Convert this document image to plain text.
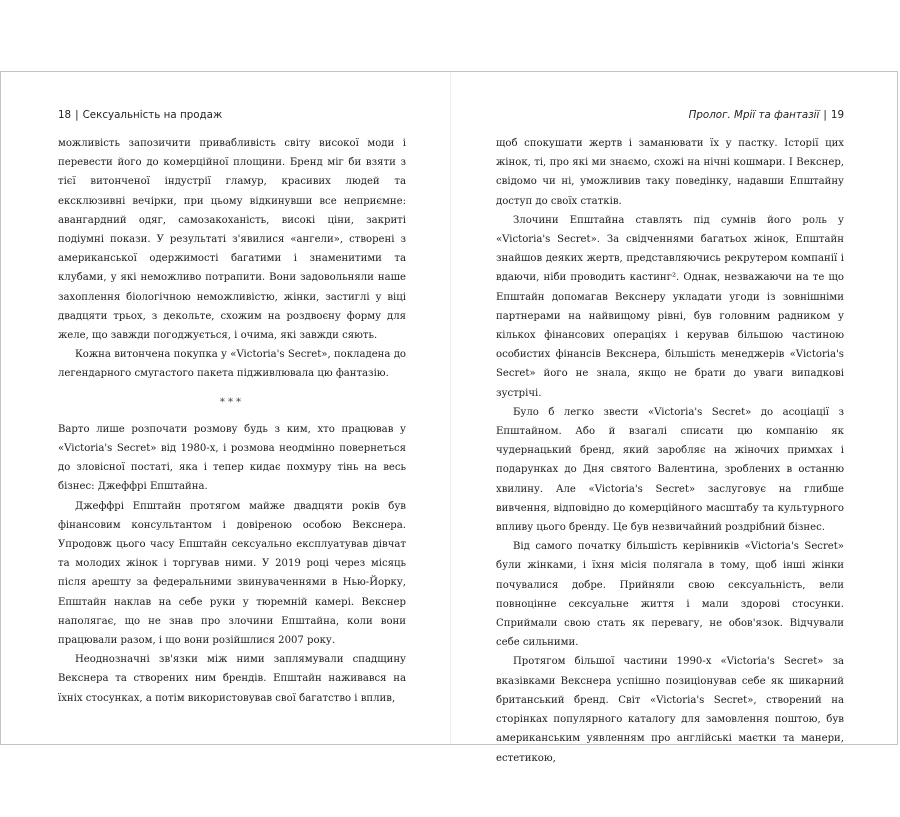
18 | Сексуальність на продаж

можливість запозичити привабливість світу високої моди і перевести його до комерційної площини. Бренд міг би взяти з тієї витонченої індустрії гламур, красивих людей та ексклюзивні вечірки, при цьому відкинувши все неприємне: авангардний одяг, самозакоханість, високі ціни, закриті подіумні покази. У результаті з'явилися «ангели», створені з американської одержимості багатими і знаменитими та клубами, у які неможливо потрапити. Вони задовольняли наше захоплення біологічною неможливістю, жінки, застиглі у віці двадцяти трьох, з декольте, схожим на роздвоєну форму для желе, що завжди погоджується, і очима, які завжди сяють.

Кожна витончена покупка у «Victoria's Secret», покладена до легендарного смугастого пакета підживлювала цю фантазію.

***

Варто лише розпочати розмову будь з ким, хто працював у «Victoria's Secret» від 1980-х, і розмова неодмінно повернеться до зловісної постаті, яка і тепер кидає похмуру тінь на весь бізнес: Джеффрі Епштайна.

Джеффрі Епштайн протягом майже двадцяти років був фінансовим консультантом і довіреною особою Векснера. Упродовж цього часу Епштайн сексуально експлуатував дівчат та молодих жінок і торгував ними. У 2019 році через місяць після арешту за федеральними звинуваченнями в Нью-Йорку, Епштайн наклав на себе руки у тюремній камері. Векснер наполягає, що не знав про злочини Епштайна, коли вони працювали разом, і що вони розійшлися 2007 року.

Неоднозначні зв'язки між ними заплямували спадщину Векснера та створених ним брендів. Епштайн наживався на їхніх стосунках, а потім використовував свої багатство і вплив,

Пролог. Мрії та фантазії | 19

щоб спокушати жертв і заманювати їх у пастку. Історії цих жінок, ті, про які ми знаємо, схожі на нічні кошмари. І Векснер, свідомо чи ні, уможливив таку поведінку, надавши Епштайну доступ до своїх статків.

Злочини Епштайна ставлять під сумнів його роль у «Victoria's Secret». За свідченнями багатьох жінок, Епштайн знайшов деяких жертв, представляючись рекрутером компанії і вдаючи, ніби проводить кастинг². Однак, незважаючи на те що Епштайн допомагав Векснеру укладати угоди із зовнішніми партнерами на найвищому рівні, був головним радником у кількох фінансових операціях і керував більшою частиною особистих фінансів Векснера, більшість менеджерів «Victoria's Secret» його не знала, якщо не брати до уваги випадкові зустрічі.

Було б легко звести «Victoria's Secret» до асоціації з Епштайном. Або й взагалі списати цю компанію як чудернацький бренд, який заробляє на жіночих примхах і подарунках до Дня святого Валентина, зроблених в останню хвилину. Але «Victoria's Secret» заслуговує на глибше вивчення, відповідно до комерційного масштабу та культурного впливу цього бренду. Це був незвичайний роздрібний бізнес.

Від самого початку більшість керівників «Victoria's Secret» були жінками, і їхня місія полягала в тому, щоб інші жінки почувалися добре. Прийняли свою сексуальність, вели повноцінне сексуальне життя і мали здорові стосунки. Сприймали свою стать як перевагу, не обов'язок. Відчували себе сильними.

Протягом більшої частини 1990-х «Victoria's Secret» за вказівками Векснера успішно позиціонував себе як шикарний британський бренд. Світ «Victoria's Secret», створений на сторінках популярного каталогу для замовлення поштою, був американським уявленням про англійські маєтки та манери, естетикою,
